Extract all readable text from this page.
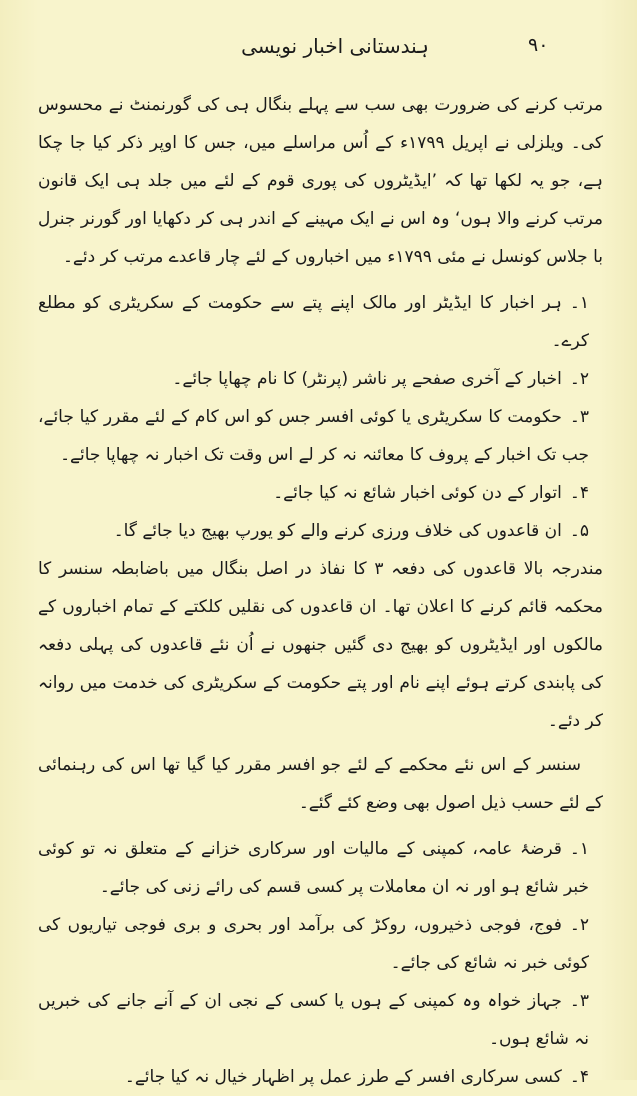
۹۰
ہندستانی اخبار نویسی

مرتب کرنے کی ضرورت بھی سب سے پہلے بنگال ہی کی گورنمنٹ نے محسوس کی۔ ویلزلی نے اپریل ۱۷۹۹ء کے اُس مراسلے میں، جس کا اوپر ذکر کیا جا چکا ہے، جو یہ لکھا تھا کہ ’ایڈیٹروں کی پوری قوم کے لئے میں جلد ہی ایک قانون مرتب کرنے والا ہوں‘ وہ اس نے ایک مہینے کے اندر ہی کر دکھایا اور گورنر جنرل با جلاس کونسل نے مئی ۱۷۹۹ء میں اخباروں کے لئے چار قاعدے مرتب کر دئے۔

۱۔ہر اخبار کا ایڈیٹر اور مالک اپنے پتے سے حکومت کے سکریٹری کو مطلع کرے۔
۲۔اخبار کے آخری صفحے پر ناشر (پرنٹر) کا نام چھاپا جائے۔
۳۔حکومت کا سکریٹری یا کوئی افسر جس کو اس کام کے لئے مقرر کیا جائے، جب تک اخبار کے پروف کا معائنہ نہ کر لے اس وقت تک اخبار نہ چھاپا جائے۔
۴۔اتوار کے دن کوئی اخبار شائع نہ کیا جائے۔
۵۔ان قاعدوں کی خلاف ورزی کرنے والے کو یورپ بھیج دیا جائے گا۔

مندرجہ بالا قاعدوں کی دفعہ ۳ کا نفاذ در اصل بنگال میں باضابطہ سنسر کا محکمہ قائم کرنے کا اعلان تھا۔ ان قاعدوں کی نقلیں کلکتے کے تمام اخباروں کے مالکوں اور ایڈیٹروں کو بھیج دی گئیں جنھوں نے اُن نئے قاعدوں کی پہلی دفعہ کی پابندی کرتے ہوئے اپنے نام اور پتے حکومت کے سکریٹری کی خدمت میں روانہ کر دئے۔

سنسر کے اس نئے محکمے کے لئے جو افسر مقرر کیا گیا تھا اس کی رہنمائی کے لئے حسب ذیل اصول بھی وضع کئے گئے۔

۱۔قرضۂ عامہ، کمپنی کے مالیات اور سرکاری خزانے کے متعلق نہ تو کوئی خبر شائع ہو اور نہ ان معاملات پر کسی قسم کی رائے زنی کی جائے۔
۲۔فوج، فوجی ذخیروں، روکڑ کی برآمد اور بحری و بری فوجی تیاریوں کی کوئی خبر نہ شائع کی جائے۔
۳۔جہاز خواہ وہ کمپنی کے ہوں یا کسی کے نجی ان کے آنے جانے کی خبریں نہ شائع ہوں۔
۴۔کسی سرکاری افسر کے طرز عمل پر اظہار خیال نہ کیا جائے۔
